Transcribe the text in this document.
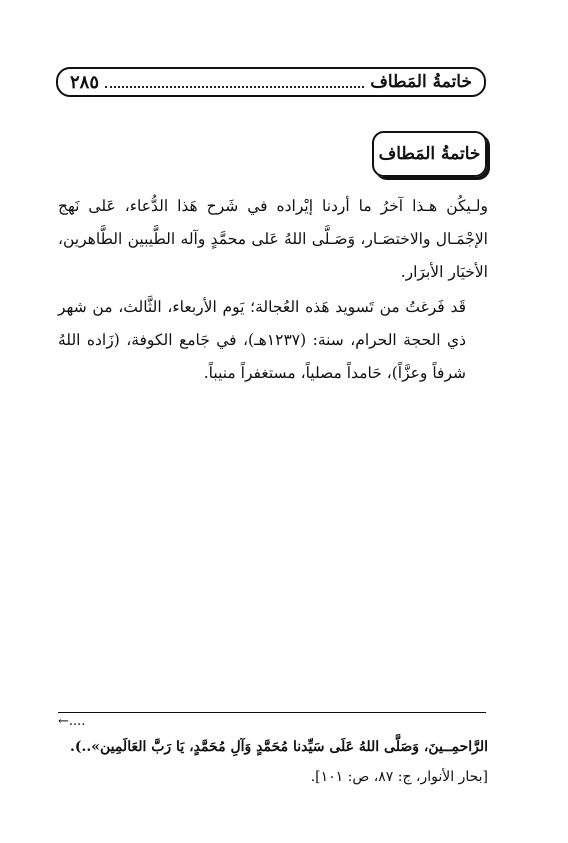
خاتمةُ المَطاف
٢٨٥
خاتمةُ المَطاف

ولـيكُن هـذا آخرُ ما أردنا إيْراده في شَرح هَذا الدُّعاء، عَلى نَهج الإجْمَـال والاختصَـار، وَصَـلَّى اللهُ عَلى محمَّدٍ وآله الطَّيبين الطَّاهرين، الأخيَار الأبرَار.

قَد فَرغتُ من تَسويد هَذه العُجالة؛ يَوم الأربعاء، الثَّالث، من شهر ذي الحجة الحرام، سنة: (١٢٣٧هـ)، في جَامع الكوفة، (زَاده اللهُ شرفاً وعزَّاً)، حَامداً مصلياً، مستغفراً منيباً.

←....

الرَّاحمِــينَ، وَصَلَّى اللهُ عَلَى سَيِّدنا مُحَمَّدٍ وَآلِ مُحَمَّدٍ، يَا رَبَّ العَالَمِين»..).

[بحار الأنوار، ج: ٨٧، ص: ١٠١].
